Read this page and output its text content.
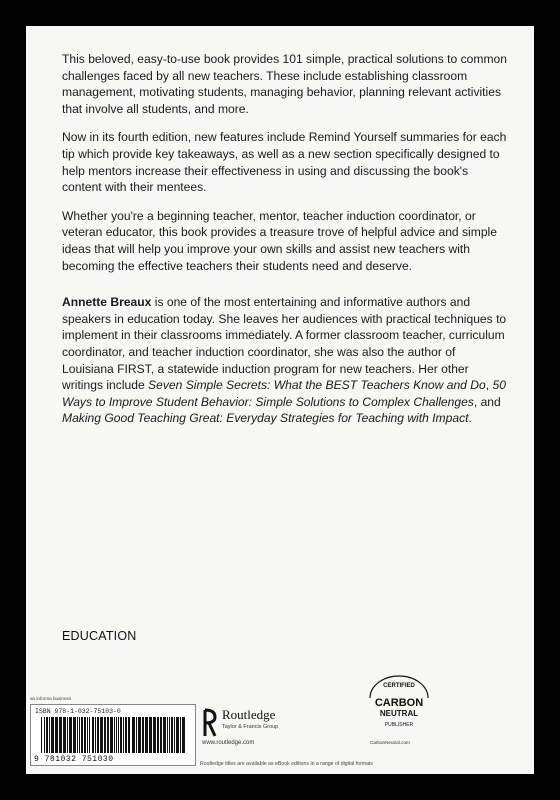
This beloved, easy-to-use book provides 101 simple, practical solutions to common challenges faced by all new teachers. These include establishing classroom management, motivating students, managing behavior, planning relevant activities that involve all students, and more.

Now in its fourth edition, new features include Remind Yourself summaries for each tip which provide key takeaways, as well as a new section specifically designed to help mentors increase their effectiveness in using and discussing the book's content with their mentees.

Whether you're a beginning teacher, mentor, teacher induction coordinator, or veteran educator, this book provides a treasure trove of helpful advice and simple ideas that will help you improve your own skills and assist new teachers with becoming the effective teachers their students need and deserve.

Annette Breaux is one of the most entertaining and informative authors and speakers in education today. She leaves her audiences with practical techniques to implement in their classrooms immediately. A former classroom teacher, curriculum coordinator, and teacher induction coordinator, she was also the author of Louisiana FIRST, a statewide induction program for new teachers. Her other writings include Seven Simple Secrets: What the BEST Teachers Know and Do, 50 Ways to Improve Student Behavior: Simple Solutions to Complex Challenges, and Making Good Teaching Great: Everyday Strategies for Teaching with Impact.

EDUCATION
an informa business
ISBN 978-1-032-75103-0
9 781032 751030
Routledge
Taylor & Francis Group
www.routledge.com
CERTIFIED
CARBON
NEUTRAL
PUBLISHER
CarbonNeutral.com
Routledge titles are available as eBook editions in a range of digital formats
